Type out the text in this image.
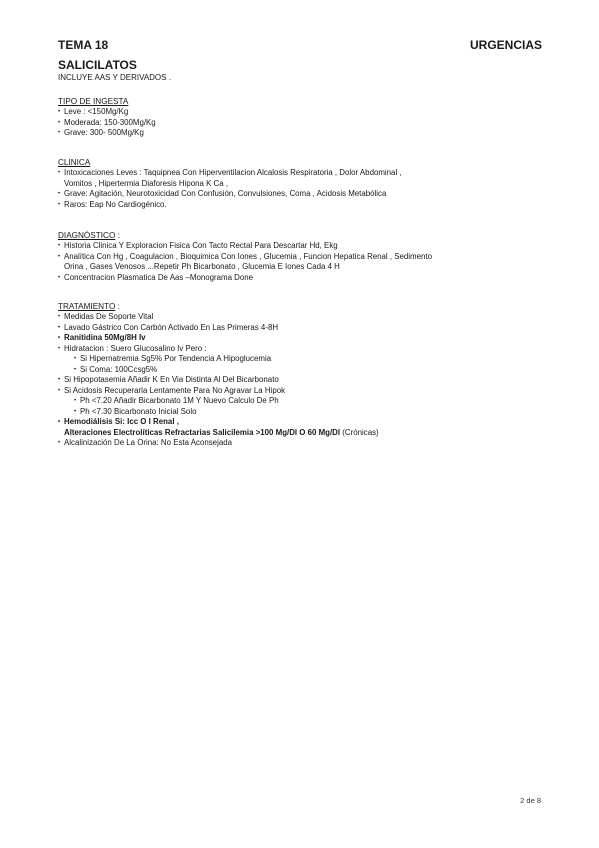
TEMA 18	URGENCIAS
SALICILATOS
INCLUYE AAS Y DERIVADOS .

TIPO DE INGESTA

• Leve : <150Mg/Kg
• Moderada: 150-300Mg/Kg
• Grave: 300- 500Mg/Kg

CLINICA

• Intoxicaciones Leves : Taquipnea Con Hiperventilacion Alcalosis Respiratoria , Dolor Abdominal ,
Vomitos , Hipertermia Diaforesis Hipona K Ca ,
• Grave: Agitación, Neurotoxicidad Con Confusión, Convulsiones, Coma , Acidosis Metabólica
• Raros: Eap No Cardiogénico.

DIAGNÓSTICO :

• Historia Clinica Y Exploracion Fisica Con Tacto Rectal Para Descartar Hd, Ekg
• Analítica Con Hg , Coagulacion , Bioquimica Con Iones , Glucemia , Funcion Hepatica Renal , Sedimento
Orina , Gases Venosos ...Repetir Ph Bicarbonato , Glucemia E Iones Cada 4 H
• Concentracion Plasmatica De Aas –Monograma Done

TRATAMIENTO :

• Medidas De Soporte Vital
• Lavado Gástrico Con Carbón Activado En Las Primeras 4-8H
• Ranitidina 50Mg/8H Iv
• Hidratacion : Suero Glucosalino Iv Pero :
• Si Hipernatremia Sg5% Por Tendencia A Hipoglucemia
• Si Coma: 100Ccsg5%
• Si Hipopotasemia Añadir K En Via Distinta Al Del Bicarbonato
• Si Acidosis Recuperarla Lentamente Para No Agravar La Hipok
• Ph <7.20 Añadir Bicarbonato 1M Y Nuevo Calculo De Ph
• Ph <7.30 Bicarbonato Inicial Solo
• Hemodiálisis Si: Icc O I Renal ,
Alteraciones Electrolíticas Refractarias Salicilemia >100 Mg/Dl O 60 Mg/Dl (Crónicas)
• Alcalinización De La Orina: No Esta Aconsejada
2 de 8
